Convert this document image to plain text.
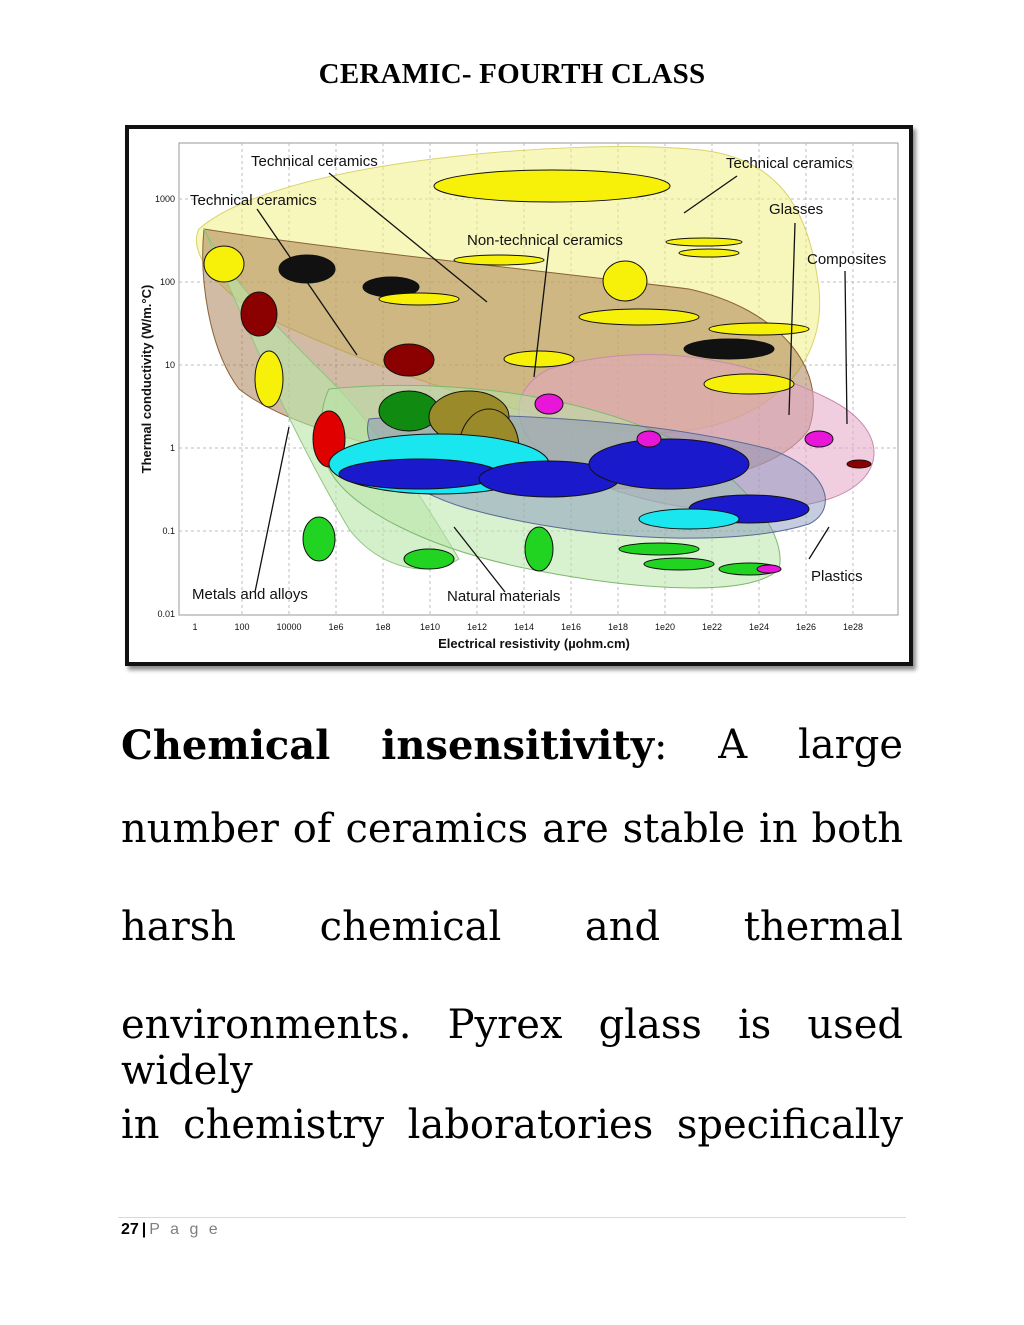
CERAMIC- FOURTH CLASS
Technical ceramics
Technical ceramics
Technical ceramics
Non-technical ceramics
Glasses
Composites
Plastics
Natural materials
Metals and alloys
1000
100
10
1
0.1
0.01
1	100	10000	1e6	1e8	1e10	1e12	1e14	1e16	1e18	1e20	1e22	1e24	1e26	1e28
Electrical resistivity (µohm.cm)
Thermal conductivity (W/m.°C)
Chemical insensitivity: A large
number of ceramics are stable in both
harsh chemical and thermal
environments. Pyrex glass is used widely
in chemistry laboratories specifically
27 | P a g e
